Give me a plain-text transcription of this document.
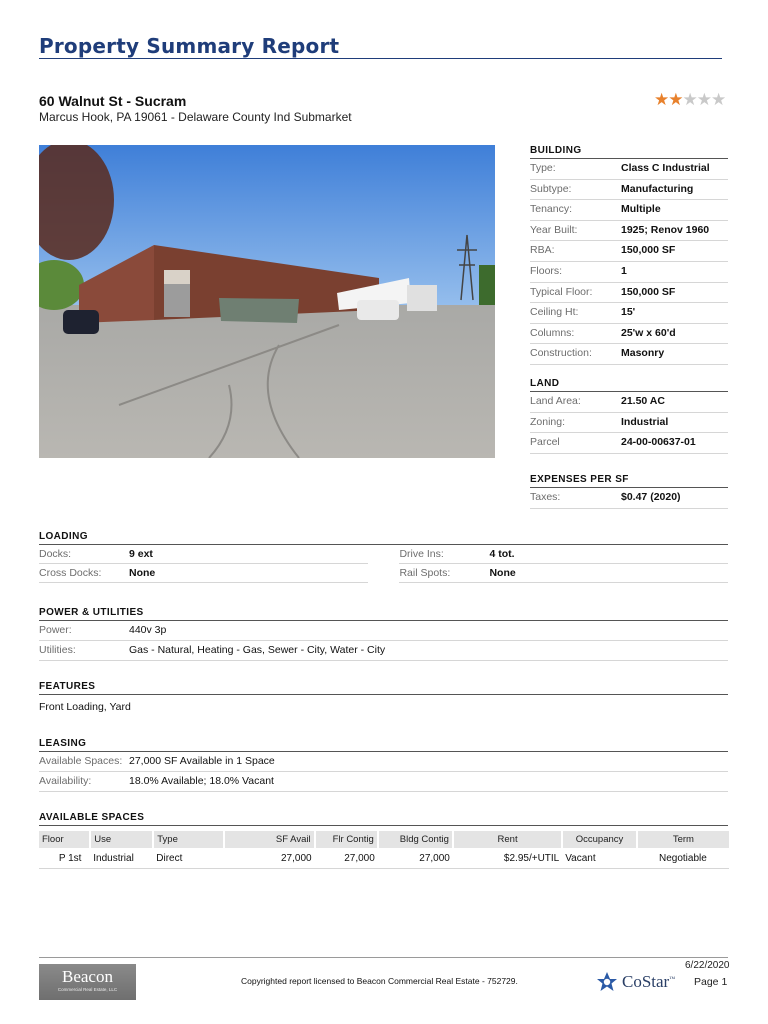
Property Summary Report
60 Walnut St - Sucram
Marcus Hook, PA 19061 - Delaware County Ind Submarket
★★★★★
BUILDING
Type:	Class C Industrial
Subtype:	Manufacturing
Tenancy:	Multiple
Year Built:	1925; Renov 1960
RBA:	150,000 SF
Floors:	1
Typical Floor:	150,000 SF
Ceiling Ht:	15'
Columns:	25'w x 60'd
Construction:	Masonry
LAND
Land Area:	21.50 AC
Zoning:	Industrial
Parcel	24-00-00637-01
EXPENSES PER SF
Taxes:	$0.47 (2020)
LOADING
Docks:	9 ext	Drive Ins:	4 tot.
Cross Docks:	None	Rail Spots:	None
POWER & UTILITIES
Power:	440v 3p
Utilities:	Gas - Natural, Heating - Gas, Sewer - City, Water - City
FEATURES
Front Loading, Yard
LEASING
Available Spaces: 27,000 SF Available in 1 Space
Availability:	18.0% Available; 18.0% Vacant
AVAILABLE SPACES
Floor	Use	Type	SF Avail	Flr Contig	Bldg Contig	Rent	Occupancy	Term
P 1st	Industrial	Direct	27,000	27,000	27,000	$2.95/+UTIL	Vacant	Negotiable
Beacon
Commercial Real Estate, LLC
Copyrighted report licensed to Beacon Commercial Real Estate - 752729.	CoStar™
6/22/2020
Page 1
